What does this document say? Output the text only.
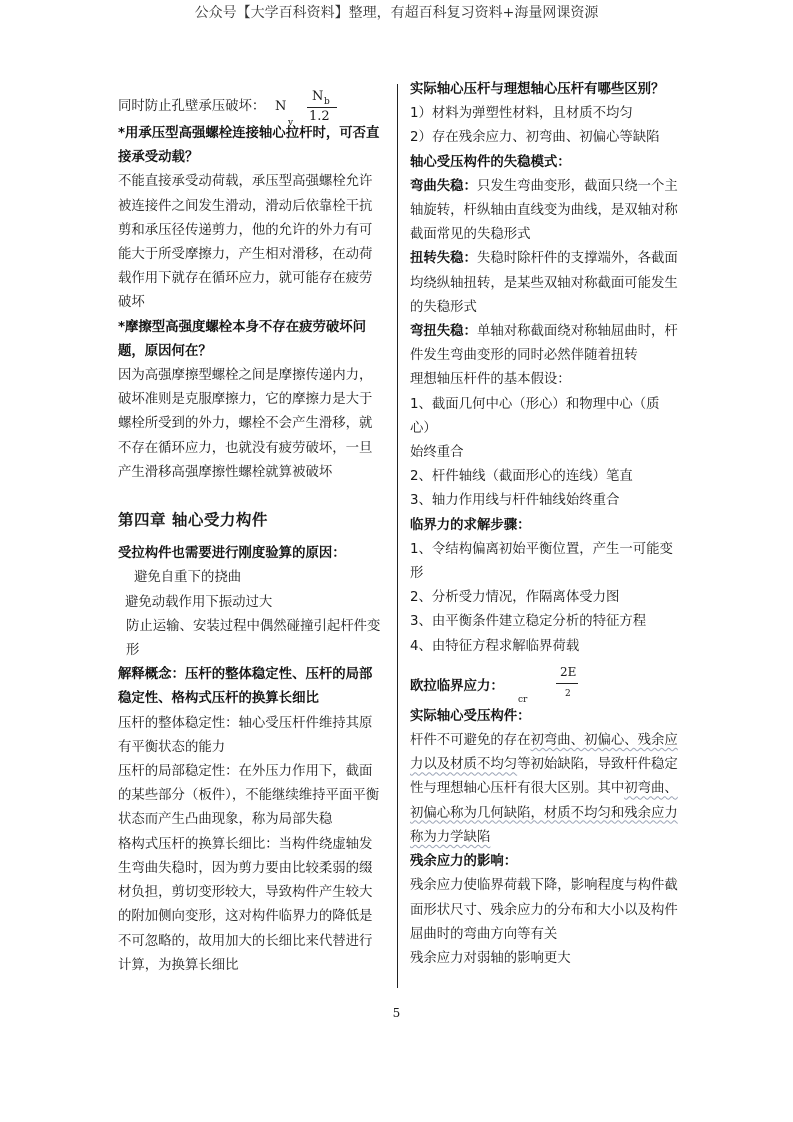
公众号【大学百科资料】整理，有超百科复习资料+海量网课资源
同时防止孔壁承压破坏： N
v
N b
1.2

*用承压型高强螺栓连接轴心拉杆时，可否直接承受动载？

不能直接承受动荷载，承压型高强螺栓允许被连接件之间发生滑动，滑动后依靠栓干抗剪和承压径传递剪力，他的允许的外力有可能大于所受摩擦力，产生相对滑移，在动荷载作用下就存在循环应力，就可能存在疲劳破坏

*摩擦型高强度螺栓本身不存在疲劳破坏问题，原因何在？

因为高强摩擦型螺栓之间是摩擦传递内力，破坏准则是克服摩擦力，它的摩擦力是大于螺栓所受到的外力，螺栓不会产生滑移，就不存在循环应力，也就没有疲劳破坏，一旦产生滑移高强摩擦性螺栓就算被破坏

第四章 轴心受力构件

受拉构件也需要进行刚度验算的原因：

避免自重下的挠曲

避免动载作用下振动过大

防止运输、安装过程中偶然碰撞引起杆件变形

解释概念：压杆的整体稳定性、压杆的局部稳定性、格构式压杆的换算长细比

压杆的整体稳定性：轴心受压杆件维持其原有平衡状态的能力

压杆的局部稳定性：在外压力作用下，截面的某些部分（板件），不能继续维持平面平衡状态而产生凸曲现象，称为局部失稳

格构式压杆的换算长细比：当构件绕虚轴发生弯曲失稳时，因为剪力要由比较柔弱的缀材负担，剪切变形较大，导致构件产生较大的附加侧向变形，这对构件临界力的降低是不可忽略的，故用加大的长细比来代替进行计算，为换算长细比

实际轴心压杆与理想轴心压杆有哪些区别？

1）材料为弹塑性材料，且材质不均匀

2）存在残余应力、初弯曲、初偏心等缺陷

轴心受压构件的失稳模式：

弯曲失稳：只发生弯曲变形，截面只绕一个主轴旋转，杆纵轴由直线变为曲线，是双轴对称截面常见的失稳形式

扭转失稳：失稳时除杆件的支撑端外，各截面均绕纵轴扭转，是某些双轴对称截面可能发生的失稳形式

弯扭失稳：单轴对称截面绕对称轴屈曲时，杆件发生弯曲变形的同时必然伴随着扭转

理想轴压杆件的基本假设：

1、截面几何中心（形心）和物理中心（质心）

始终重合

2、杆件轴线（截面形心的连线）笔直

3、轴力作用线与杆件轴线始终重合

临界力的求解步骤：

1、令结构偏离初始平衡位置，产生一可能变形

2、分析受力情况，作隔离体受力图

3、由平衡条件建立稳定分析的特征方程

4、由特征方程求解临界荷载

欧拉临界应力：
cr
2E
2

实际轴心受压构件：

杆件不可避免的存在初弯曲、初偏心、残余应力以及材质不均匀等初始缺陷，导致杆件稳定性与理想轴心压杆有很大区别。其中初弯曲、初偏心称为几何缺陷，材质不均匀和残余应力称为力学缺陷

残余应力的影响：

残余应力使临界荷载下降，影响程度与构件截面形状尺寸、残余应力的分布和大小以及构件屈曲时的弯曲方向等有关

残余应力对弱轴的影响更大

5
